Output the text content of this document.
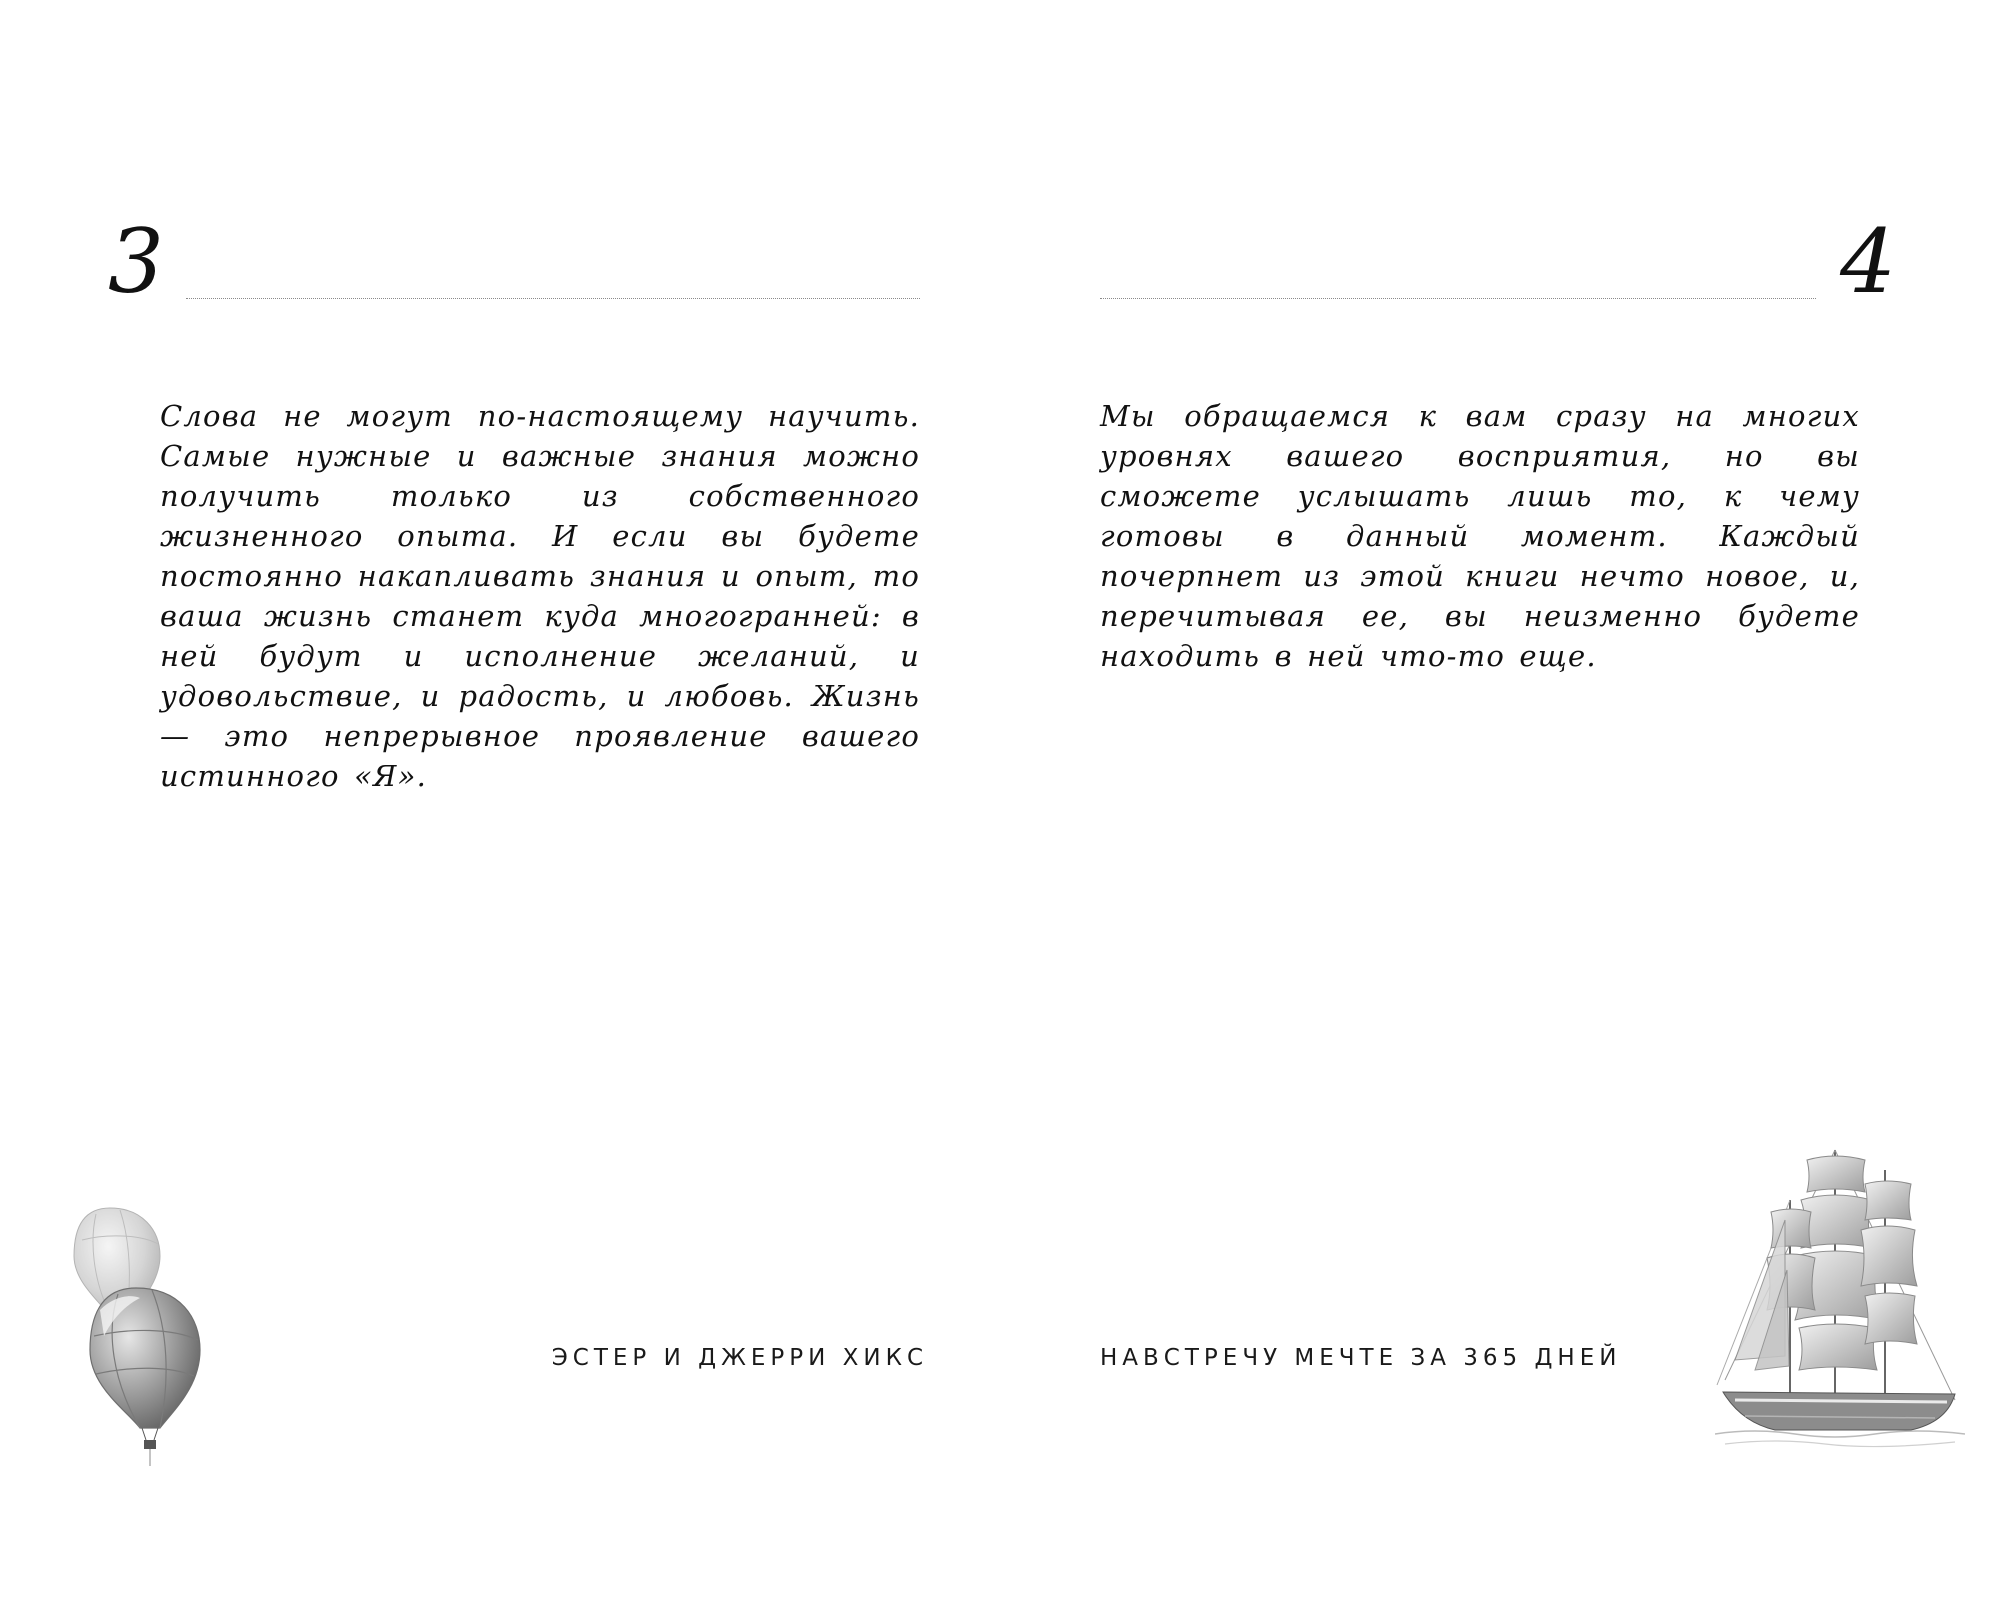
3
Слова не могут по-настоящему научить. Самые нужные и важные знания можно получить только из собственного жизненного опыта. И если вы будете постоянно накапливать знания и опыт, то ваша жизнь станет куда многогранней: в ней будут и исполнение желаний, и удовольствие, и радость, и любовь. Жизнь — это непрерывное проявление вашего истинного «Я».
ЭСТЕР И ДЖЕРРИ ХИКС
4
Мы обращаемся к вам сразу на многих уровнях вашего восприятия, но вы сможете услышать лишь то, к чему готовы в данный момент. Каждый почерпнет из этой книги нечто новое, и, перечитывая ее, вы неизменно будете находить в ней что-то еще.
НАВСТРЕЧУ МЕЧТЕ ЗА 365 ДНЕЙ
